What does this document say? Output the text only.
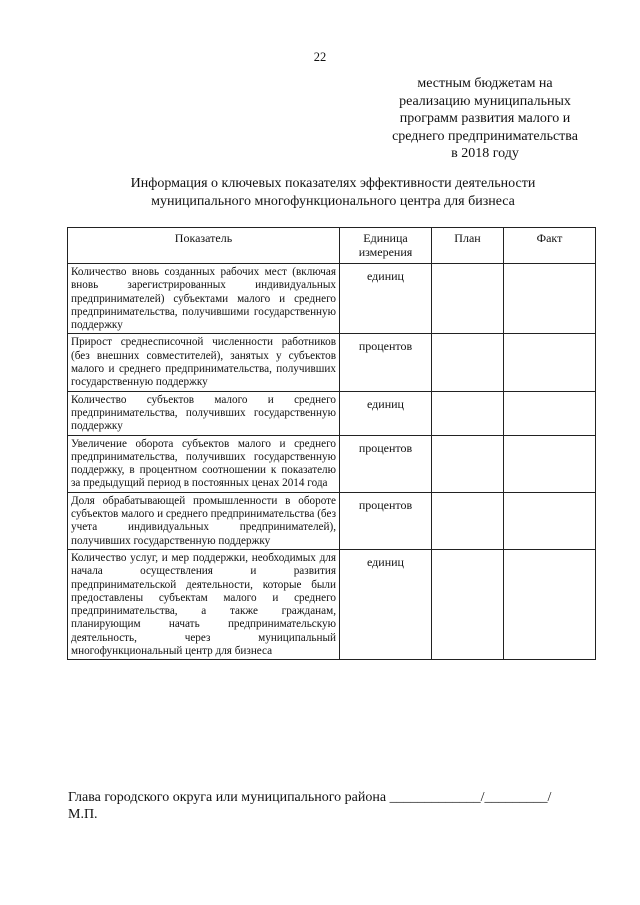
22
местным бюджетам на
реализацию муниципальных
программ развития малого и
среднего предпринимательства
в 2018 году
Информация о ключевых показателях эффективности деятельности
муниципального многофункционального центра для бизнеса
Показатель	Единица измерения	План	Факт
Количество вновь созданных рабочих мест (включая вновь зарегистрированных индивидуальных предпринимателей) субъектами малого и среднего предпринимательства, получившими государственную поддержку	единиц		
Прирост среднесписочной численности работников (без внешних совместителей), занятых у субъектов малого и среднего предпринимательства, получивших государственную поддержку	процентов		
Количество субъектов малого и среднего предпринимательства, получивших государственную поддержку	единиц		
Увеличение оборота субъектов малого и среднего предпринимательства, получивших государственную поддержку, в процентном соотношении к показателю за предыдущий период в постоянных ценах 2014 года	процентов		
Доля обрабатывающей промышленности в обороте субъектов малого и среднего предпринимательства (без учета индивидуальных предпринимателей), получивших государственную поддержку	процентов		
Количество услуг, и мер поддержки, необходимых для начала осуществления и развития предпринимательской деятельности, которые были предоставлены субъектам малого и среднего предпринимательства, а также гражданам, планирующим начать предпринимательскую деятельность, через муниципальный многофункциональный центр для бизнеса	единиц		
Глава городского округа или муниципального района _____________/_________/
М.П.
